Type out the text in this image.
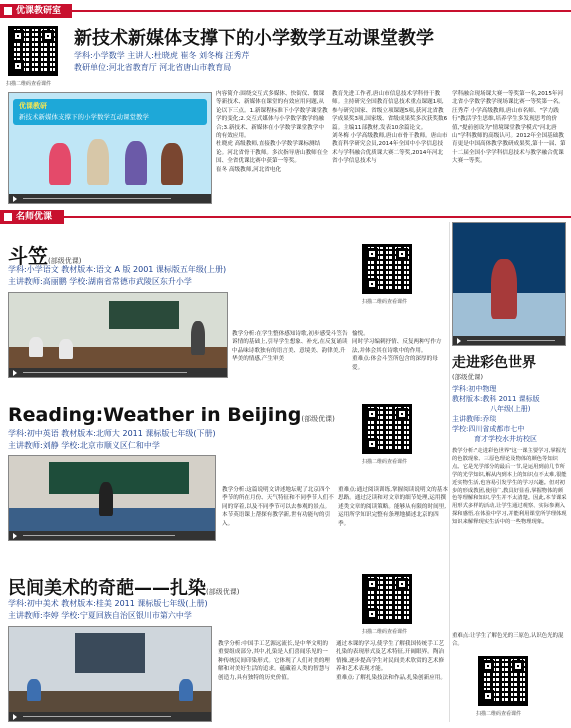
优课教研室
扫描二维码查看课件
新技术新媒体支撑下的小学数学互动课堂教学
学科:小学数学 主讲人:杜晓虎 崔冬 刘冬梅 汪秀芹
教研单位:河北省教育厅 河北省唐山市教育局
优课教研
新技术新媒体支撑下的小学数学互动课堂教学
内容简介:围绕交互式多媒体、快街仪、微课等新技术、新媒体在课堂的有效应用问题,从论以下三点。1.新课程标准下小学数学课堂教学的变化;2.交互式媒体与小学数学教学的融合;3.新技术、新媒体在小学数学课堂教学中的有效应用。
杜晓虎 高级教师,直接教小学数学课标测结论。河北省骨干教师。多次指导唐山教师在全国、全省优课比赛中获第一等奖。
崔冬 高级教师,河北省电化
教育先进工作者,唐山市信息技术学科骨干教师。主持研究全国教育信息技术重点课题1项,参与研究国家、省级立项课题5项,获河北省教学成果奖3项,国家级、省级成果奖多次获奖数6篇。主编11部教材,发表10余篇论文。
刘冬梅 小学高级教师,唐山市骨干教师。唐山市教育科学研究会员,2014年全国中小学信息技术与学科融合优质课大赛二等奖,2014年河北省小学信息技术与
学科融合现场课大赛一等奖第一名,2015年河北省小学数学教学现场课比赛一等奖第一名。
汪秀芹 小学高级教师,唐山市名师、"学力践行"教活学生思维,培养学生多发现思考的价值,"提前创设为"情境课堂教学模式"河北唐山"学科教师的高级认可。2012年全国基础教育更是中国高体教学教研成果奖,第十一届、第十二届全国小学学科信息技术与教学融合优课大赛一等奖。
名师优课
斗笠(部级优课)
学科:小学语文 教材版本:语文 A 版 2001 课标版五年级(上册)
主讲教师:高丽鹏 学校:湖南省常德市武陵区东升小学
扫描二维码查看课件
教学分析:在学生整体感知诗歌,初步感受斗笠告诉情的基础上,引导学生想象、补充,在反复诵读中品味诗歌独有的语言美、意境美、韵律美,升华美的情感,产生审美
愉悦。
同时学习编刺抒情、反复两种写作方法,并体会其在诗歌中的作用。
重难点:体会斗笠所包含的深厚的母爱。
Reading:Weather in Beijing(部级优课)
学科:初中英语 教材版本:北师大 2011 课标版七年级(下册)
主讲教师:刘静 学校:北京市顺义区仁和中学
扫描二维码查看课件
教学分析:这篇说明文讲述地坛呢了北京四个季节的所在月份、天气特征和不同季节人们不同的穿着,以及不同季节可以去参观的景点。本节英语课上帮探有教学新,世有功能句的引入。
重难点:通过阅读训练,掌握阅读说明文的基本思路。通过泛读和对文章的细节处理,运用撰述类文章的阅读策略。能够从有限的时间里,运用所学知识完整有条理地描述北京的四季。
民间美术的奇葩——扎染(部级优课)
学科:初中美术 教材版本:桂美 2011 课标版七年级(上册)
主讲教师:李婷 学校:宁夏回族自治区银川市第六中学
扫描二维码查看课件
教学分析:中国手工艺源远流长,是中华文明的重要组成部分,其中,扎染是人们喜闻乐见的一种传统民间印染形式。它体现了人们对美的理解和对美好生活的追求。蕴藏着人类的智慧与创造力,具有独特的历史价值。
通过本课的学习,使学生了解我国传统手工艺扎染的表现形式及艺术特征,开阔眼界。陶冶情操,逐步提高学生对民间美术欣赏的艺术修养和艺术表现才能。
重难点:了解扎染技法和作品,扎染创新应用。
走进彩色世界
(部级优课)
学科:初中物理
教材版本:教科 2011 课标版
八年级(上册)
主讲教师:乔琰
学校:四川省成都市七中
育才学校水井坊校区
教学分析:"走进彩色世界"这一课主要学习,掌握光的色散现象、三原色理论及物体的颜色等知识点。它是光学部分的最后一节,是运用到前几节所学的光学知识,解从内到本上的知识点不太难,很能近实物生活,也容易引发学生的学习兴趣。但对初步的形成教团,使用广,教具好显看,掌握物体的颜色等理解和知识,学生并不太清楚。因此,本节课采用形式多样的活动,让学生通过观察、实际参测入探和感悟,在体验中学习,并能利用课堂所学理体现知识来解释现实生活中的一些物理现象。
重难点:让学生了解色光的三原色,认识色光的混合。
扫描二维码查看课件
